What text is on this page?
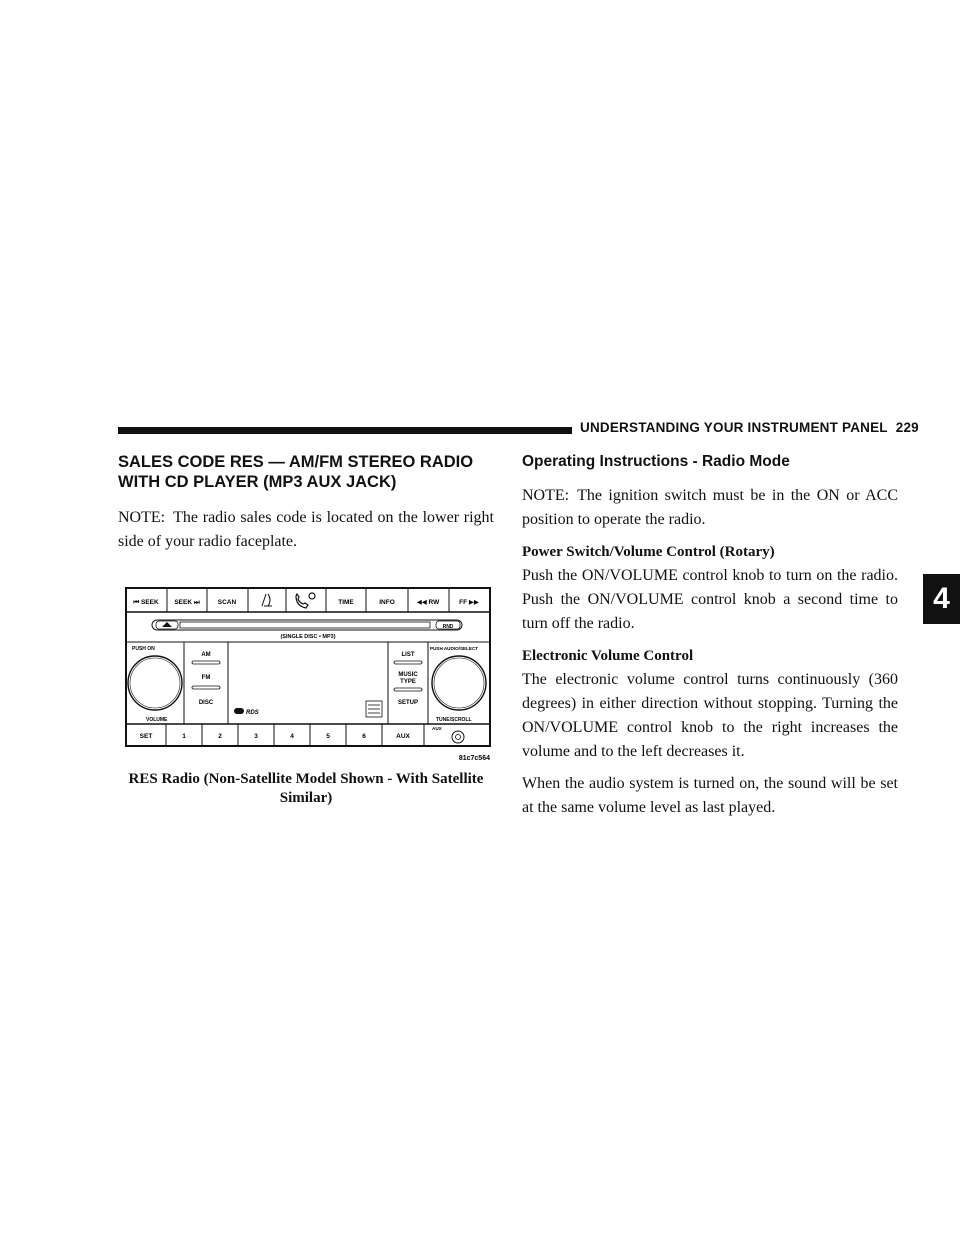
UNDERSTANDING YOUR INSTRUMENT PANEL 229
4
SALES CODE RES — AM/FM STEREO RADIO WITH CD PLAYER (MP3 AUX JACK)

NOTE: The radio sales code is located on the lower right side of your radio faceplate.

⏮ SEEK SEEK ⏭	SCAN	TIME	INFO	◀◀ RW	FF ▶▶
RND
(SINGLE DISC • MP3)
PUSH ON
VOLUME
AM
FM
DISC
RDS
LIST
MUSIC
TYPE
SETUP
PUSH AUDIO/SELECT
TUNE/SCROLL
SET	1	2	3	4	5	6	AUX
AUX
81c7c564
RES Radio (Non-Satellite Model Shown - With Satellite Similar)
Operating Instructions - Radio Mode

NOTE: The ignition switch must be in the ON or ACC position to operate the radio.

Power Switch/Volume Control (Rotary)

Push the ON/VOLUME control knob to turn on the radio. Push the ON/VOLUME control knob a second time to turn off the radio.

Electronic Volume Control

The electronic volume control turns continuously (360 degrees) in either direction without stopping. Turning the ON/VOLUME control knob to the right increases the volume and to the left decreases it.

When the audio system is turned on, the sound will be set at the same volume level as last played.
